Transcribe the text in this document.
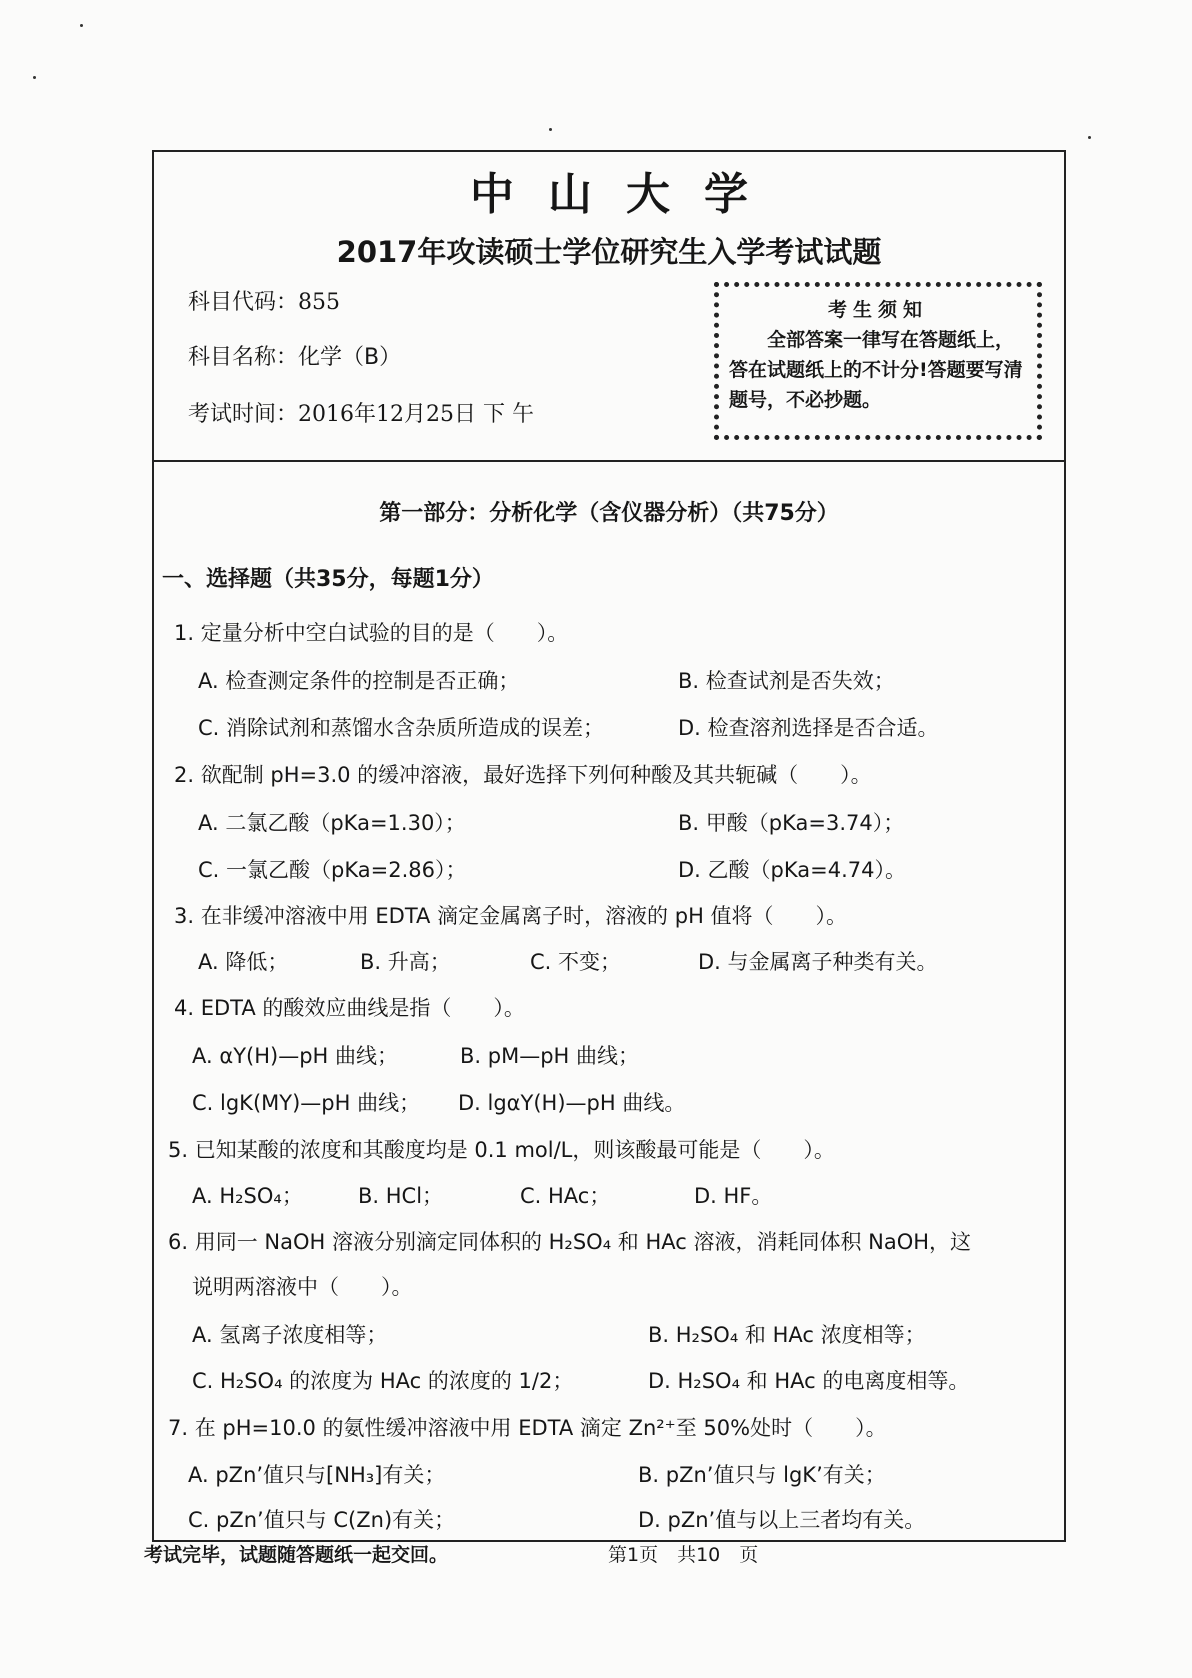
中山大学
2017年攻读硕士学位研究生入学考试试题
科目代码：855
科目名称：化学（B）
考试时间：2016年12月25日 下 午
考生须知
全部答案一律写在答题纸上，答在试题纸上的不计分!答题要写清题号，不必抄题。
第一部分：分析化学（含仪器分析）（共75分）
一、选择题（共35分，每题1分）
1. 定量分析中空白试验的目的是（　　）。
A. 检查测定条件的控制是否正确；	B. 检查试剂是否失效；
C. 消除试剂和蒸馏水含杂质所造成的误差；	D. 检查溶剂选择是否合适。
2. 欲配制 pH=3.0 的缓冲溶液，最好选择下列何种酸及其共轭碱（　　）。
A. 二氯乙酸（pKa=1.30）；	B. 甲酸（pKa=3.74）；
C. 一氯乙酸（pKa=2.86）；	D. 乙酸（pKa=4.74）。
3. 在非缓冲溶液中用 EDTA 滴定金属离子时，溶液的 pH 值将（　　）。
A. 降低；	B. 升高；	C. 不变；	D. 与金属离子种类有关。
4. EDTA 的酸效应曲线是指（　　）。
A. αY(H)—pH 曲线；	B. pM—pH 曲线；
C. lgK(MY)—pH 曲线； D. lgαY(H)—pH 曲线。
5. 已知某酸的浓度和其酸度均是 0.1 mol/L，则该酸最可能是（　　）。
A. H₂SO₄；	B. HCl；	C. HAc；	D. HF。
6. 用同一 NaOH 溶液分别滴定同体积的 H₂SO₄ 和 HAc 溶液，消耗同体积 NaOH，这
说明两溶液中（　　）。
A. 氢离子浓度相等；	B. H₂SO₄ 和 HAc 浓度相等；
C. H₂SO₄ 的浓度为 HAc 的浓度的 1/2；	D. H₂SO₄ 和 HAc 的电离度相等。
7. 在 pH=10.0 的氨性缓冲溶液中用 EDTA 滴定 Zn²⁺至 50%处时（　　）。
A. pZn’值只与[NH₃]有关；	B. pZn’值只与 lgK’有关；
C. pZn’值只与 C(Zn)有关；	D. pZn’值与以上三者均有关。
考试完毕，试题随答题纸一起交回。	第1页　共10　页
